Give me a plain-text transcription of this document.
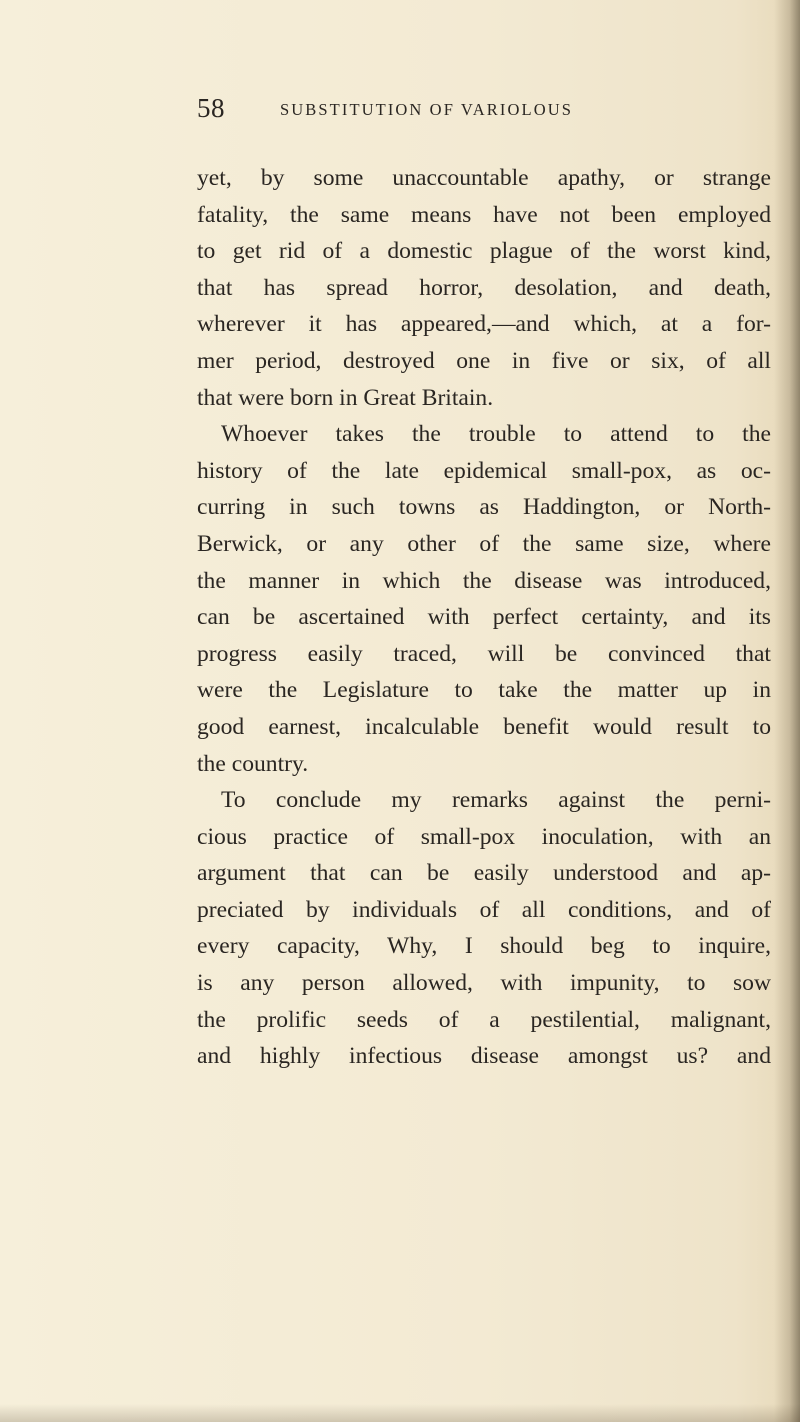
58	SUBSTITUTION OF VARIOLOUS
yet, by some unaccountable apathy, or strange
fatality, the same means have not been employed
to get rid of a domestic plague of the worst kind,
that has spread horror, desolation, and death,
wherever it has appeared,—and which, at a for-
mer period, destroyed one in five or six, of all
that were born in Great Britain.
Whoever takes the trouble to attend to the
history of the late epidemical small-pox, as oc-
curring in such towns as Haddington, or North-
Berwick, or any other of the same size, where
the manner in which the disease was introduced,
can be ascertained with perfect certainty, and its
progress easily traced, will be convinced that
were the Legislature to take the matter up in
good earnest, incalculable benefit would result to
the country.
To conclude my remarks against the perni-
cious practice of small-pox inoculation, with an
argument that can be easily understood and ap-
preciated by individuals of all conditions, and of
every capacity, Why, I should beg to inquire,
is any person allowed, with impunity, to sow
the prolific seeds of a pestilential, malignant,
and highly infectious disease amongst us? and
